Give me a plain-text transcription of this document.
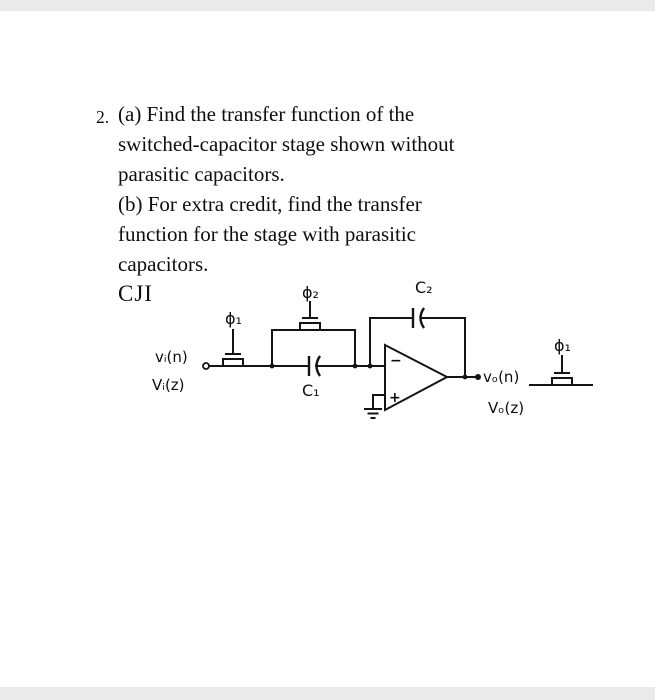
2. (a) Find the transfer function of the
switched-capacitor stage shown without
parasitic capacitors.
(b) For extra credit, find the transfer
function for the stage with parasitic
capacitors.
CJI
vᵢ(n)
Vᵢ(z)
ϕ₁
ϕ₂
C₁
C₂
−
+
vₒ(n)
Vₒ(z)
ϕ₁
